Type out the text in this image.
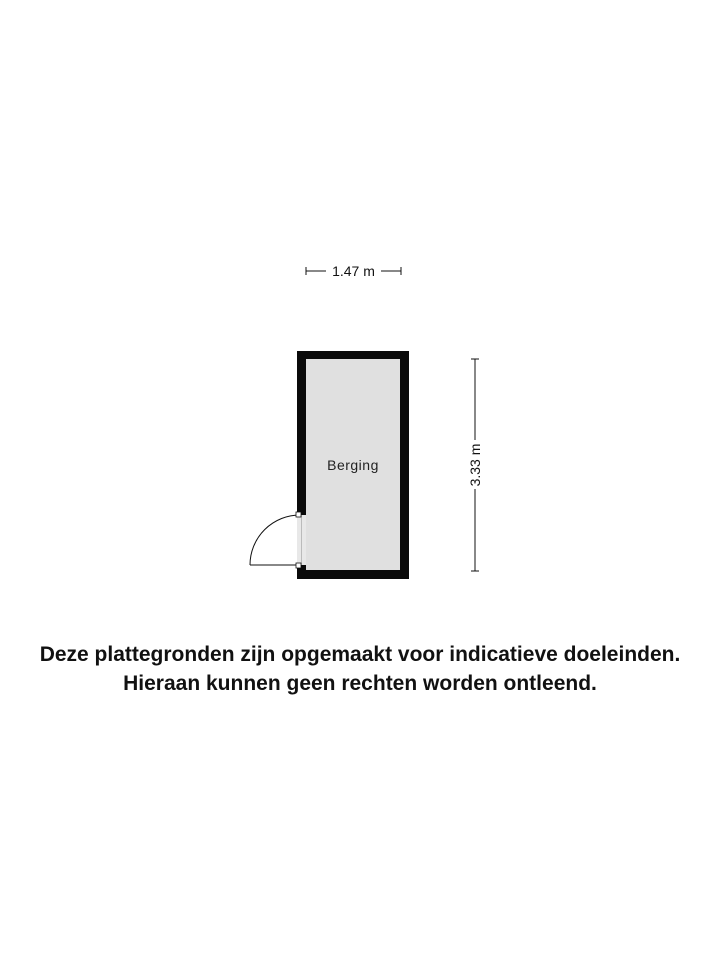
1.47 m
3.33 m
Berging
Deze plattegronden zijn opgemaakt voor indicatieve doeleinden.
Hieraan kunnen geen rechten worden ontleend.
